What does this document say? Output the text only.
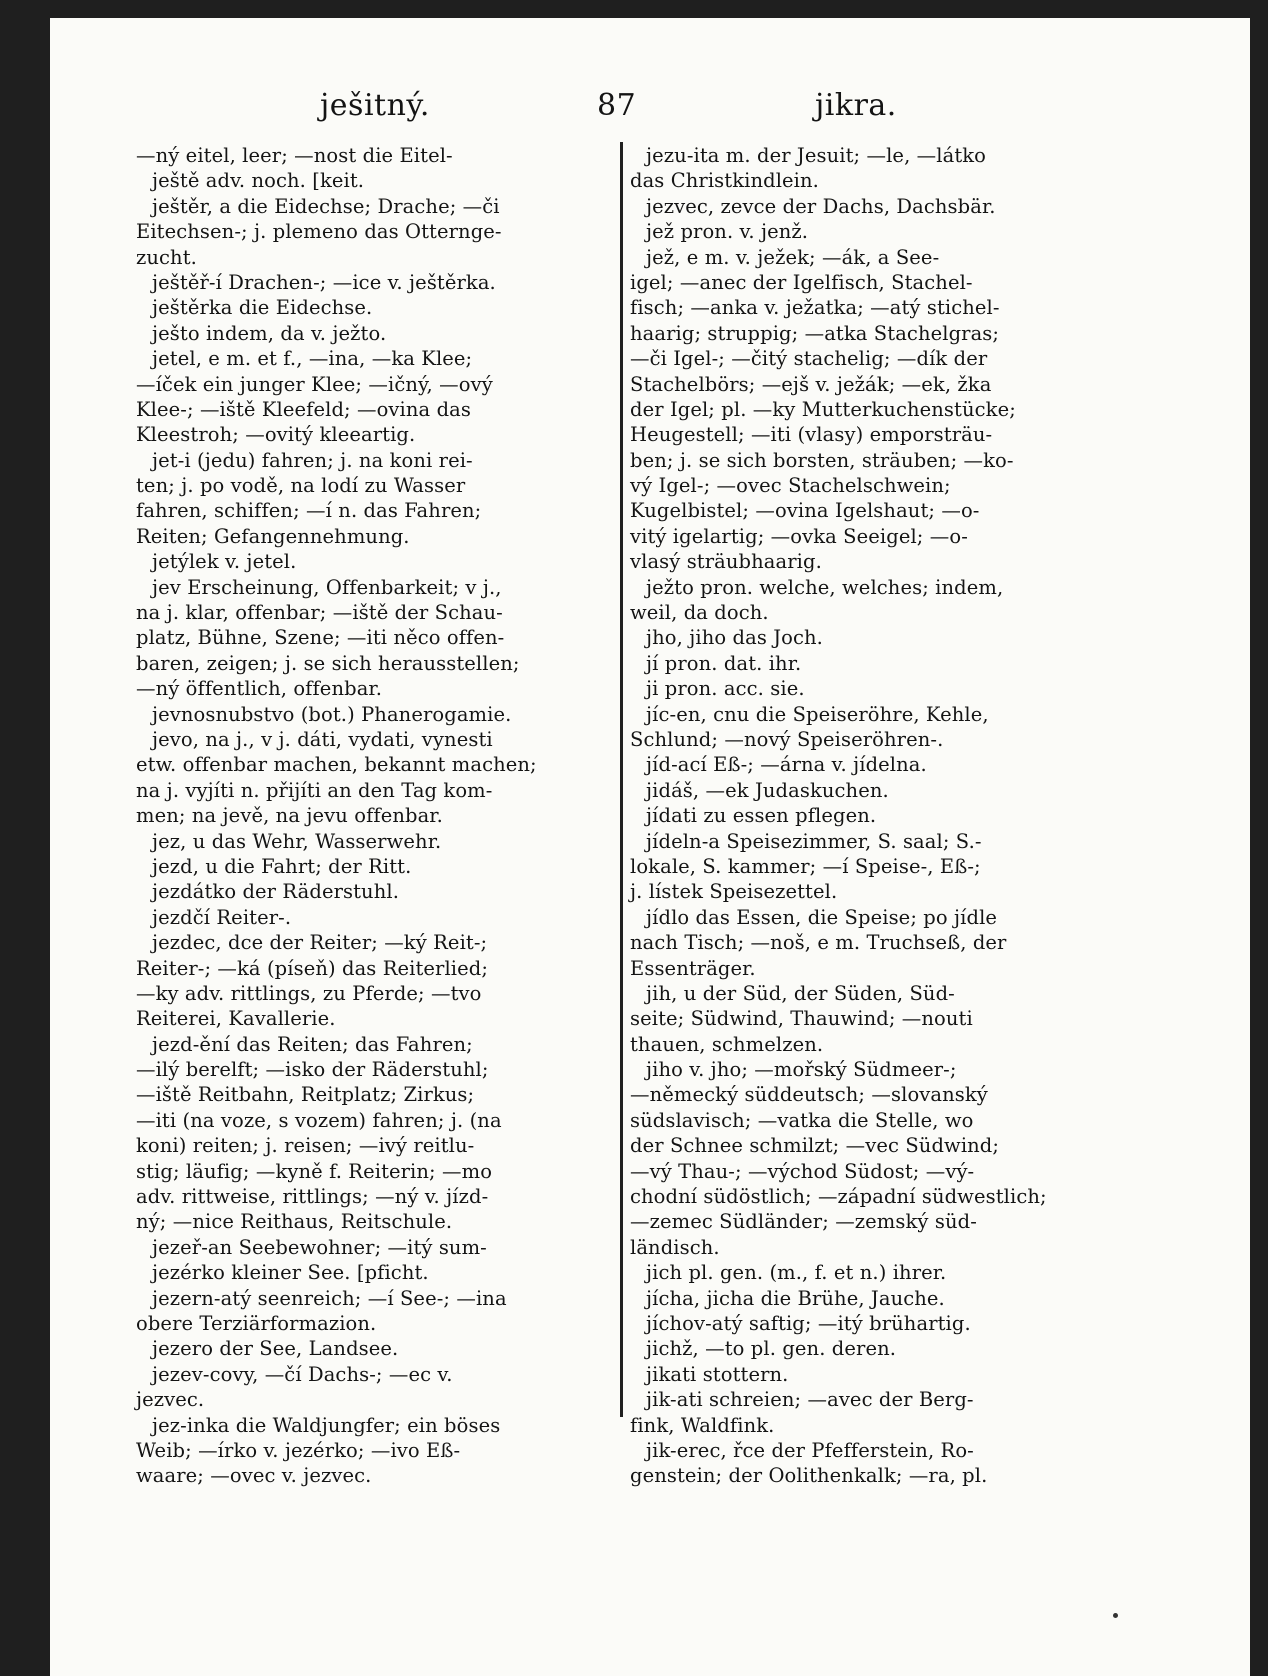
ješitný.	87	jikra.
—ný eitel, leer; —nost die Eitel-
ještě adv. noch. [keit.
ještěr, a die Eidechse; Drache; —či
Eitechsen-; j. plemeno das Otternge-
zucht.
ještěř-í Drachen-; —ice v. ještěrka.
ještěrka die Eidechse.
ješto indem, da v. ježto.
jetel, e m. et f., —ina, —ka Klee;
—íček ein junger Klee; —ičný, —ový
Klee-; —iště Kleefeld; —ovina das
Kleestroh; —ovitý kleeartig.
jet-i (jedu) fahren; j. na koni rei-
ten; j. po vodě, na lodí zu Wasser
fahren, schiffen; —í n. das Fahren;
Reiten; Gefangennehmung.
jetýlek v. jetel.
jev Erscheinung, Offenbarkeit; v j.,
na j. klar, offenbar; —iště der Schau-
platz, Bühne, Szene; —iti něco offen-
baren, zeigen; j. se sich herausstellen;
—ný öffentlich, offenbar.
jevnosnubstvo (bot.) Phanerogamie.
jevo, na j., v j. dáti, vydati, vynesti
etw. offenbar machen, bekannt machen;
na j. vyjíti n. přijíti an den Tag kom-
men; na jevě, na jevu offenbar.
jez, u das Wehr, Wasserwehr.
jezd, u die Fahrt; der Ritt.
jezdátko der Räderstuhl.
jezdčí Reiter-.
jezdec, dce der Reiter; —ký Reit-;
Reiter-; —ká (píseň) das Reiterlied;
—ky adv. rittlings, zu Pferde; —tvo
Reiterei, Kavallerie.
jezd-ění das Reiten; das Fahren;
—ilý berelft; —isko der Räderstuhl;
—iště Reitbahn, Reitplatz; Zirkus;
—iti (na voze, s vozem) fahren; j. (na
koni) reiten; j. reisen; —ivý reitlu-
stig; läufig; —kyně f. Reiterin; —mo
adv. rittweise, rittlings; —ný v. jízd-
ný; —nice Reithaus, Reitschule.
jezeř-an Seebewohner; —itý sum-
jezérko kleiner See. [pficht.
jezern-atý seenreich; —í See-; —ina
obere Terziärformazion.
jezero der See, Landsee.
jezev-covy, —čí Dachs-; —ec v.
jezvec.
jez-inka die Waldjungfer; ein böses
Weib; —írko v. jezérko; —ivo Eß-
waare; —ovec v. jezvec.
jezu-ita m. der Jesuit; —le, —látko
das Christkindlein.
jezvec, zevce der Dachs, Dachsbär.
jež pron. v. jenž.
jež, e m. v. ježek; —ák, a See-
igel; —anec der Igelfisch, Stachel-
fisch; —anka v. ježatka; —atý stichel-
haarig; struppig; —atka Stachelgras;
—či Igel-; —čitý stachelig; —dík der
Stachelbörs; —ejš v. ježák; —ek, žka
der Igel; pl. —ky Mutterkuchenstücke;
Heugestell; —iti (vlasy) emporsträu-
ben; j. se sich borsten, sträuben; —ko-
vý Igel-; —ovec Stachelschwein;
Kugelbistel; —ovina Igelshaut; —o-
vitý igelartig; —ovka Seeigel; —o-
vlasý sträubhaarig.
ježto pron. welche, welches; indem,
weil, da doch.
jho, jiho das Joch.
jí pron. dat. ihr.
ji pron. acc. sie.
jíc-en, cnu die Speiseröhre, Kehle,
Schlund; —nový Speiseröhren-.
jíd-ací Eß-; —árna v. jídelna.
jidáš, —ek Judaskuchen.
jídati zu essen pflegen.
jídeln-a Speisezimmer, S. saal; S.-
lokale, S. kammer; —í Speise-, Eß-;
j. lístek Speisezettel.
jídlo das Essen, die Speise; po jídle
nach Tisch; —noš, e m. Truchseß, der
Essenträger.
jih, u der Süd, der Süden, Süd-
seite; Südwind, Thauwind; —nouti
thauen, schmelzen.
jiho v. jho; —mořský Südmeer-;
—německý süddeutsch; —slovanský
südslavisch; —vatka die Stelle, wo
der Schnee schmilzt; —vec Südwind;
—vý Thau-; —východ Südost; —vý-
chodní südöstlich; —západní südwestlich;
—zemec Südländer; —zemský süd-
ländisch.
jich pl. gen. (m., f. et n.) ihrer.
jícha, jicha die Brühe, Jauche.
jíchov-atý saftig; —itý brühartig.
jichž, —to pl. gen. deren.
jikati stottern.
jik-ati schreien; —avec der Berg-
fink, Waldfink.
jik-erec, řce der Pfefferstein, Ro-
genstein; der Oolithenkalk; —ra, pl.
